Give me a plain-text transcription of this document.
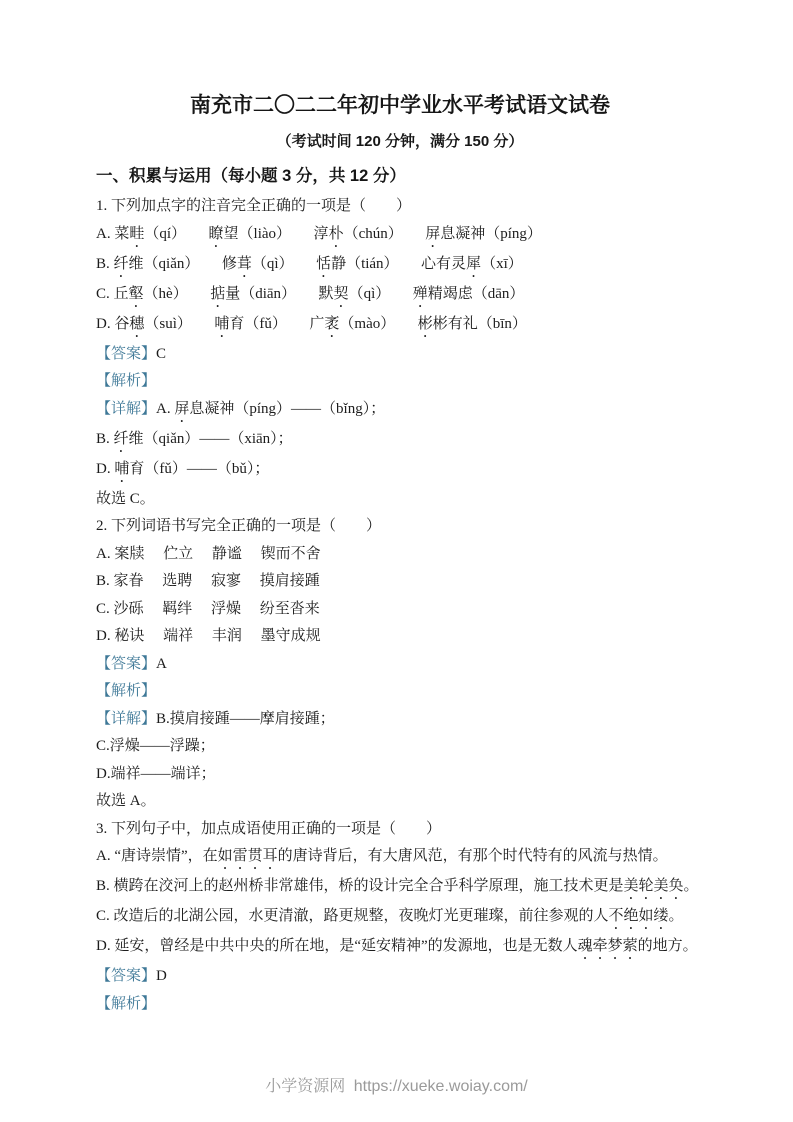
南充市二〇二二年初中学业水平考试语文试卷
（考试时间 120 分钟，满分 150 分）
一、积累与运用（每小题 3 分，共 12 分）

1. 下列加点字的注音完全正确的一项是（　　）

A. 菜畦（qí）　　瞭望（liào）　　淳朴（chún）　　屏息凝神（píng）

B. 纤维（qiǎn）　　修葺（qì）　　恬静（tián）　　心有灵犀（xī）

C. 丘壑（hè）　　掂量（diān）　　默契（qì）　　殚精竭虑（dān）

D. 谷穗（suì）　　哺育（fǔ）　　广袤（mào）　　彬彬有礼（bīn）

【答案】C

【解析】

【详解】A. 屏息凝神（píng）——（bǐng）；

B. 纤维（qiǎn）——（xiān）；

D. 哺育（fǔ）——（bǔ）；

故选 C。

2. 下列词语书写完全正确的一项是（　　）

A. 案牍　 伫立　 静谧　 锲而不舍

B. 家眷　 选聘　 寂寥　 摸肩接踵

C. 沙砾　 羁绊　 浮燥　 纷至沓来

D. 秘诀　 端祥　 丰润　 墨守成规

【答案】A

【解析】

【详解】B.摸肩接踵——摩肩接踵；

C.浮燥——浮躁；

D.端祥——端详；

故选 A。

3. 下列句子中，加点成语使用正确的一项是（　　）

A. “唐诗崇情”，在如雷贯耳的唐诗背后，有大唐风范，有那个时代特有的风流与热情。

B. 横跨在洨河上的赵州桥非常雄伟，桥的设计完全合乎科学原理，施工技术更是美轮美奂。

C. 改造后的北湖公园，水更清澈，路更规整，夜晚灯光更璀璨，前往参观的人不绝如缕。

D. 延安，曾经是中共中央的所在地，是“延安精神”的发源地，也是无数人魂牵梦萦的地方。

【答案】D

【解析】

小学资源网 https://xueke.woiay.com/
